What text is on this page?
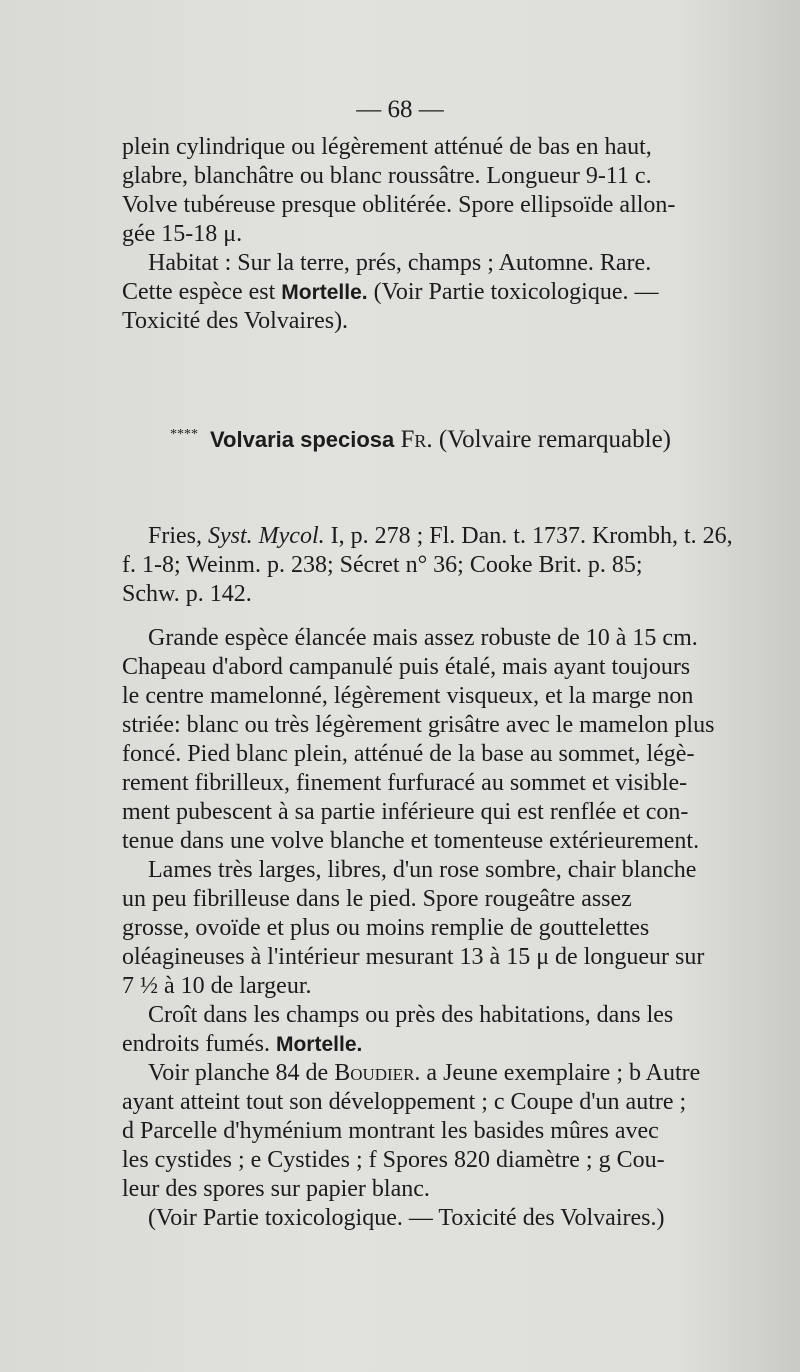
— 68 —
plein cylindrique ou légèrement atténué de bas en haut,
glabre, blanchâtre ou blanc roussâtre. Longueur 9-11 c.
Volve tubéreuse presque oblitérée. Spore ellipsoïde allon-
gée 15-18 μ.
Habitat : Sur la terre, prés, champs ; Automne. Rare.
Cette espèce est Mortelle. (Voir Partie toxicologique. —
Toxicité des Volvaires).
**** Volvaria speciosa Fr. (Volvaire remarquable)
Fries, Syst. Mycol. I, p. 278 ; Fl. Dan. t. 1737. Krombh, t. 26,
f. 1-8; Weinm. p. 238; Sécret n° 36; Cooke Brit. p. 85;
Schw. p. 142.
Grande espèce élancée mais assez robuste de 10 à 15 cm.
Chapeau d'abord campanulé puis étalé, mais ayant toujours
le centre mamelonné, légèrement visqueux, et la marge non
striée: blanc ou très légèrement grisâtre avec le mamelon plus
foncé. Pied blanc plein, atténué de la base au sommet, légè-
rement fibrilleux, finement furfuracé au sommet et visible-
ment pubescent à sa partie inférieure qui est renflée et con-
tenue dans une volve blanche et tomenteuse extérieurement.
Lames très larges, libres, d'un rose sombre, chair blanche
un peu fibrilleuse dans le pied. Spore rougeâtre assez
grosse, ovoïde et plus ou moins remplie de gouttelettes
oléagineuses à l'intérieur mesurant 13 à 15 μ de longueur sur
7 ½ à 10 de largeur.
Croît dans les champs ou près des habitations, dans les
endroits fumés. Mortelle.
Voir planche 84 de Boudier. a Jeune exemplaire ; b Autre
ayant atteint tout son développement ; c Coupe d'un autre ;
d Parcelle d'hyménium montrant les basides mûres avec
les cystides ; e Cystides ; f Spores 820 diamètre ; g Cou-
leur des spores sur papier blanc.
(Voir Partie toxicologique. — Toxicité des Volvaires.)
